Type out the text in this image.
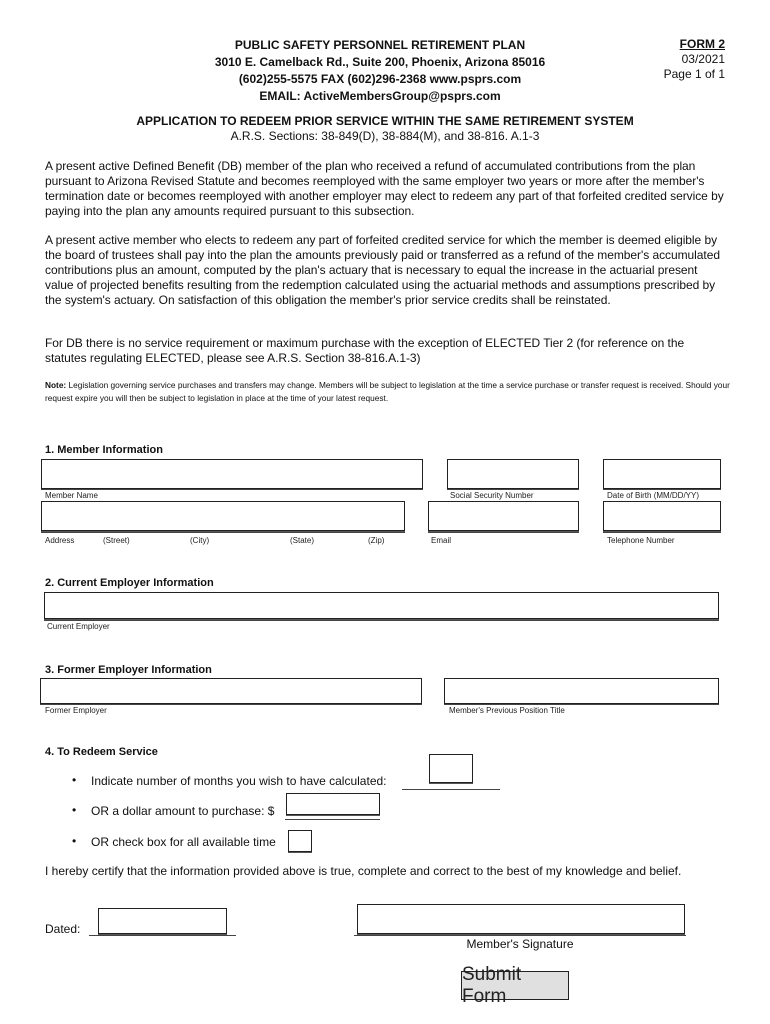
PUBLIC SAFETY PERSONNEL RETIREMENT PLAN
3010 E. Camelback Rd., Suite 200, Phoenix, Arizona 85016
(602)255-5575 FAX (602)296-2368 www.psprs.com
EMAIL: ActiveMembersGroup@psprs.com
FORM 2
03/2021
Page 1 of 1
APPLICATION TO REDEEM PRIOR SERVICE WITHIN THE SAME RETIREMENT SYSTEM
A.R.S. Sections: 38-849(D), 38-884(M), and 38-816. A.1-3
A present active Defined Benefit (DB) member of the plan who received a refund of accumulated contributions from the plan pursuant to Arizona Revised Statute and becomes reemployed with the same employer two years or more after the member's termination date or becomes reemployed with another employer may elect to redeem any part of that forfeited credited service by paying into the plan any amounts required pursuant to this subsection.
A present active member who elects to redeem any part of forfeited credited service for which the member is deemed eligible by the board of trustees shall pay into the plan the amounts previously paid or transferred as a refund of the member's accumulated contributions plus an amount, computed by the plan's actuary that is necessary to equal the increase in the actuarial present value of projected benefits resulting from the redemption calculated using the actuarial methods and assumptions prescribed by the system's actuary. On satisfaction of this obligation the member's prior service credits shall be reinstated.
For DB there is no service requirement or maximum purchase with the exception of ELECTED Tier 2 (for reference on the statutes regulating ELECTED, please see A.R.S. Section 38-816.A.1-3)
Note: Legislation governing service purchases and transfers may change. Members will be subject to legislation at the time a service purchase or transfer request is received. Should your request expire you will then be subject to legislation in place at the time of your latest request.
1. Member Information
Member Name	Social Security Number	Date of Birth (MM/DD/YY)
Address	(Street)	(City)	(State)	(Zip)	Email	Telephone Number
2. Current Employer Information
Current Employer
3. Former Employer Information
Former Employer	Member's Previous Position Title
4. To Redeem Service
• Indicate number of months you wish to have calculated:
• OR a dollar amount to purchase: $
• OR check box for all available time
I hereby certify that the information provided above is true, complete and correct to the best of my knowledge and belief.
Dated:
Member's Signature
Submit Form
